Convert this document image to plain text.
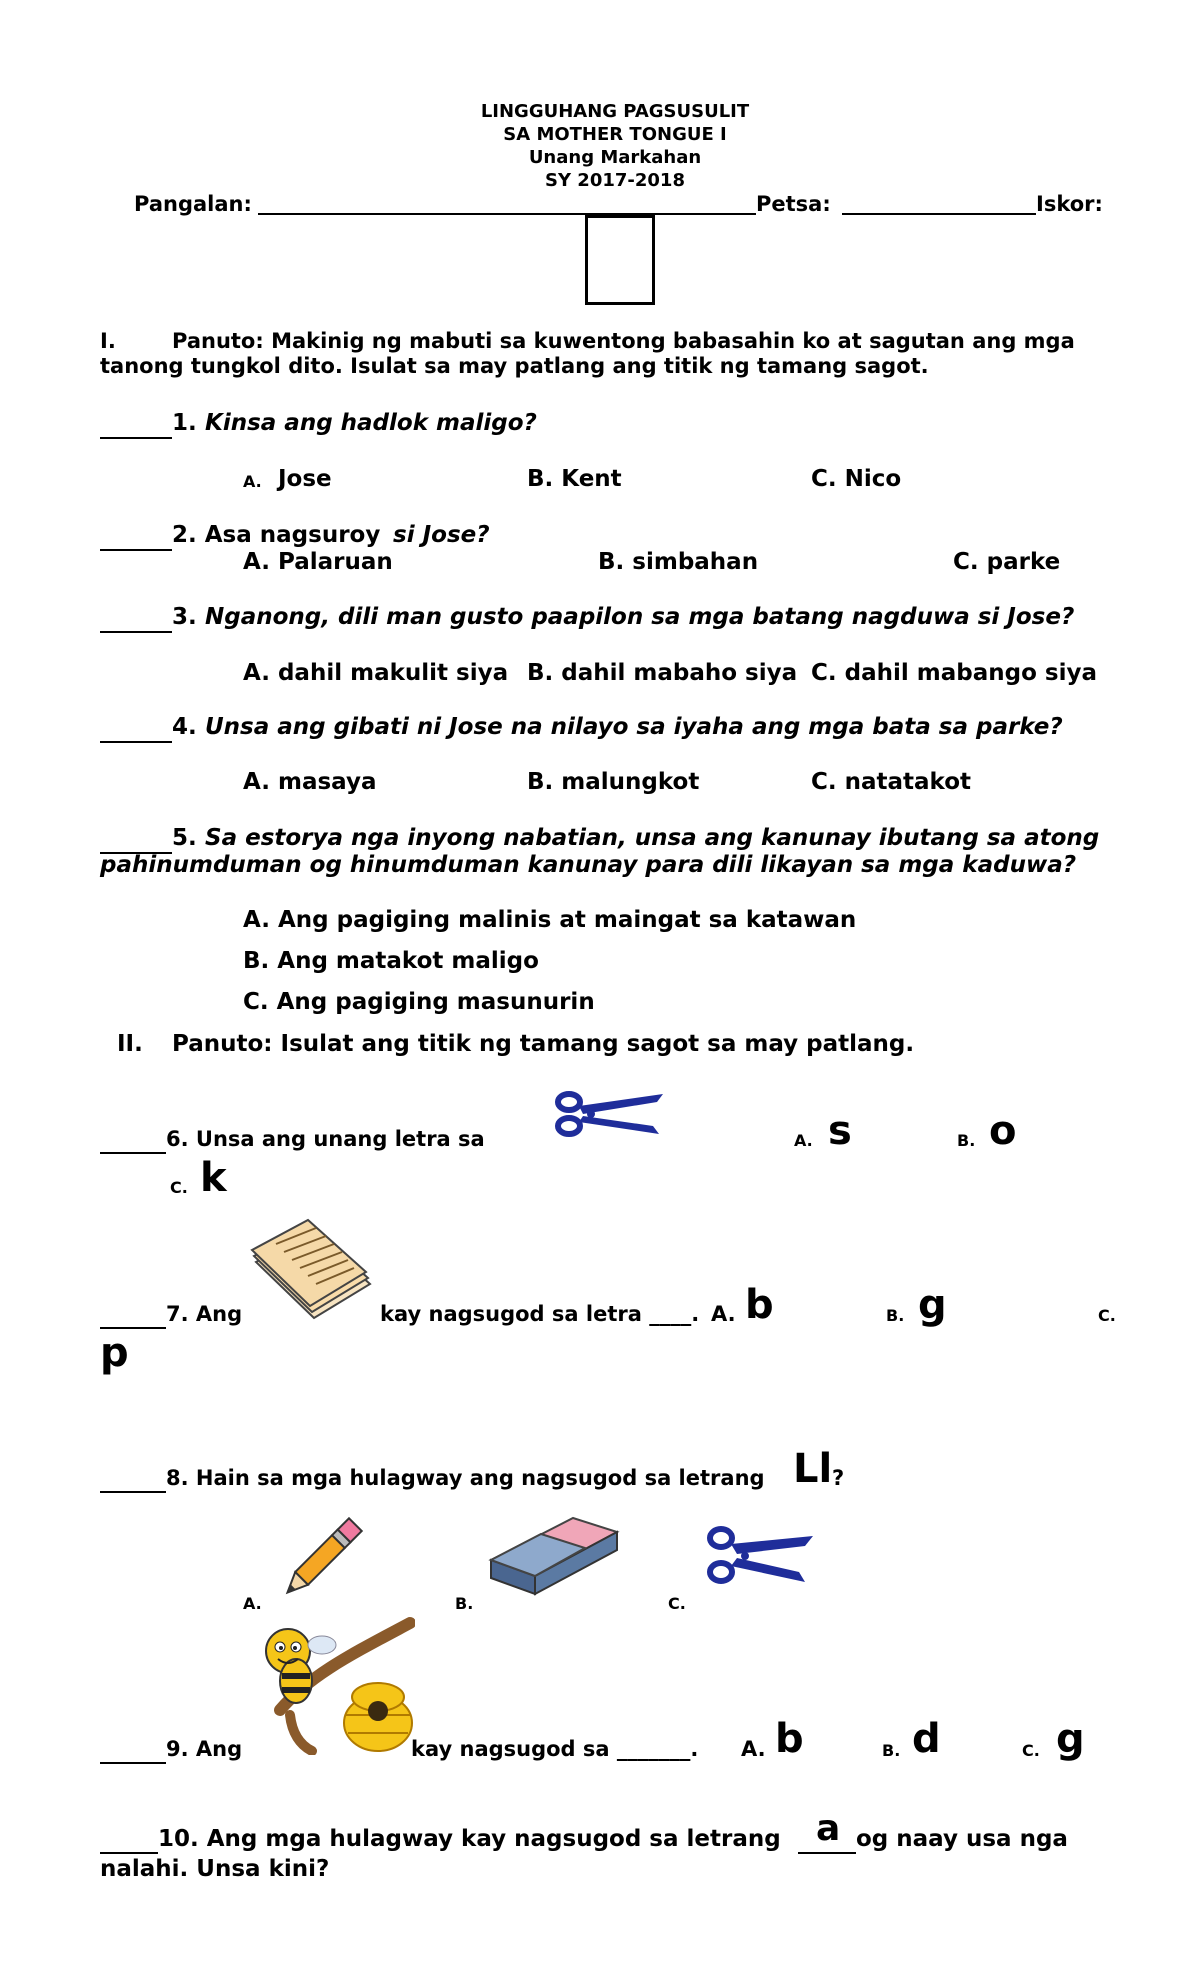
LINGGUHANG PAGSUSULIT
SA MOTHER TONGUE I
Unang Markahan
SY 2017-2018
Pangalan:	Petsa:	Iskor:
I.	Panuto: Makinig ng mabuti sa kuwentong babasahin ko at sagutan ang mga
tanong tungkol dito. Isulat sa may patlang ang titik ng tamang sagot.
1. Kinsa ang hadlok maligo?
A. Jose	B. Kent	C. Nico
2. Asa nagsuroy si Jose?
A. Palaruan	B. simbahan	C. parke
3. Nganong, dili man gusto paapilon sa mga batang nagduwa si Jose?
A. dahil makulit siya B. dahil mabaho siya C. dahil mabango siya
4. Unsa ang gibati ni Jose na nilayo sa iyaha ang mga bata sa parke?
A. masaya	B. malungkot	C. natatakot
5. Sa estorya nga inyong nabatian, unsa ang kanunay ibutang sa atong
pahinumduman og hinumduman kanunay para dili likayan sa mga kaduwa?
A. Ang pagiging malinis at maingat sa katawan
B. Ang matakot maligo
C. Ang pagiging masunurin
II. Panuto: Isulat ang titik ng tamang sagot sa may patlang.
6. Unsa ang unang letra sa	A. s	B. o
C. k
7. Ang	kay nagsugod sa letra ____. A. b	B. g	C.
p
8. Hain sa mga hulagway ang nagsugod sa letrang Ll ?
A.	B.	C.
9. Ang	kay nagsugod sa _______. A. b	B. d	C. g
10. Ang mga hulagway kay nagsugod sa letrang a og naay usa nga
nalahi. Unsa kini?
